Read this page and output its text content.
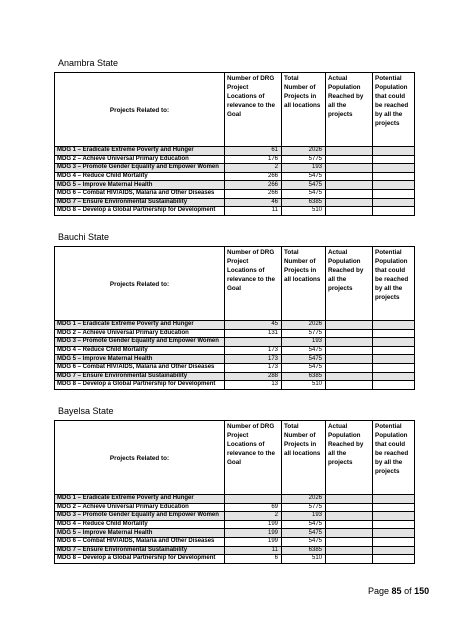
Anambra State
Projects Related to:	Number of DRG Project Locations of relevance to the Goal	Total Number of Projects in all locations	Actual Population Reached by all the projects	Potential Population that could be reached by all the projects
MDG 1 – Eradicate Extreme Poverty and Hunger	61	2026		
MDG 2 – Achieve Universal Primary Education	176	5775		
MDG 3 – Promote Gender Equality and Empower Women	2	193		
MDG 4 – Reduce Child Mortality	266	5475		
MDG 5 – Improve Maternal Health	266	5475		
MDG 6 – Combat HIV/AIDS, Malaria and Other Diseases	266	5475		
MDG 7 – Ensure Environmental Sustainability	46	6385		
MDG 8 – Develop a Global Partnership for Development	11	510		
Bauchi State
Projects Related to:	Number of DRG Project Locations of relevance to the Goal	Total Number of Projects in all locations	Actual Population Reached by all the projects	Potential Population that could be reached by all the projects
MDG 1 – Eradicate Extreme Poverty and Hunger	45	2026		
MDG 2 – Achieve Universal Primary Education	131	5775		
MDG 3 – Promote Gender Equality and Empower Women		193		
MDG 4 – Reduce Child Mortality	173	5475		
MDG 5 – Improve Maternal Health	173	5475		
MDG 6 – Combat HIV/AIDS, Malaria and Other Diseases	173	5475		
MDG 7 – Ensure Environmental Sustainability	288	6385		
MDG 8 – Develop a Global Partnership for Development	13	510		
Bayelsa State
Projects Related to:	Number of DRG Project Locations of relevance to the Goal	Total Number of Projects in all locations	Actual Population Reached by all the projects	Potential Population that could be reached by all the projects
MDG 1 – Eradicate Extreme Poverty and Hunger		2026		
MDG 2 – Achieve Universal Primary Education	69	5775		
MDG 3 – Promote Gender Equality and Empower Women	2	193		
MDG 4 – Reduce Child Mortality	199	5475		
MDG 5 – Improve Maternal Health	199	5475		
MDG 6 – Combat HIV/AIDS, Malaria and Other Diseases	199	5475		
MDG 7 – Ensure Environmental Sustainability	11	6385		
MDG 8 – Develop a Global Partnership for Development	6	510		
Page 85 of 150
